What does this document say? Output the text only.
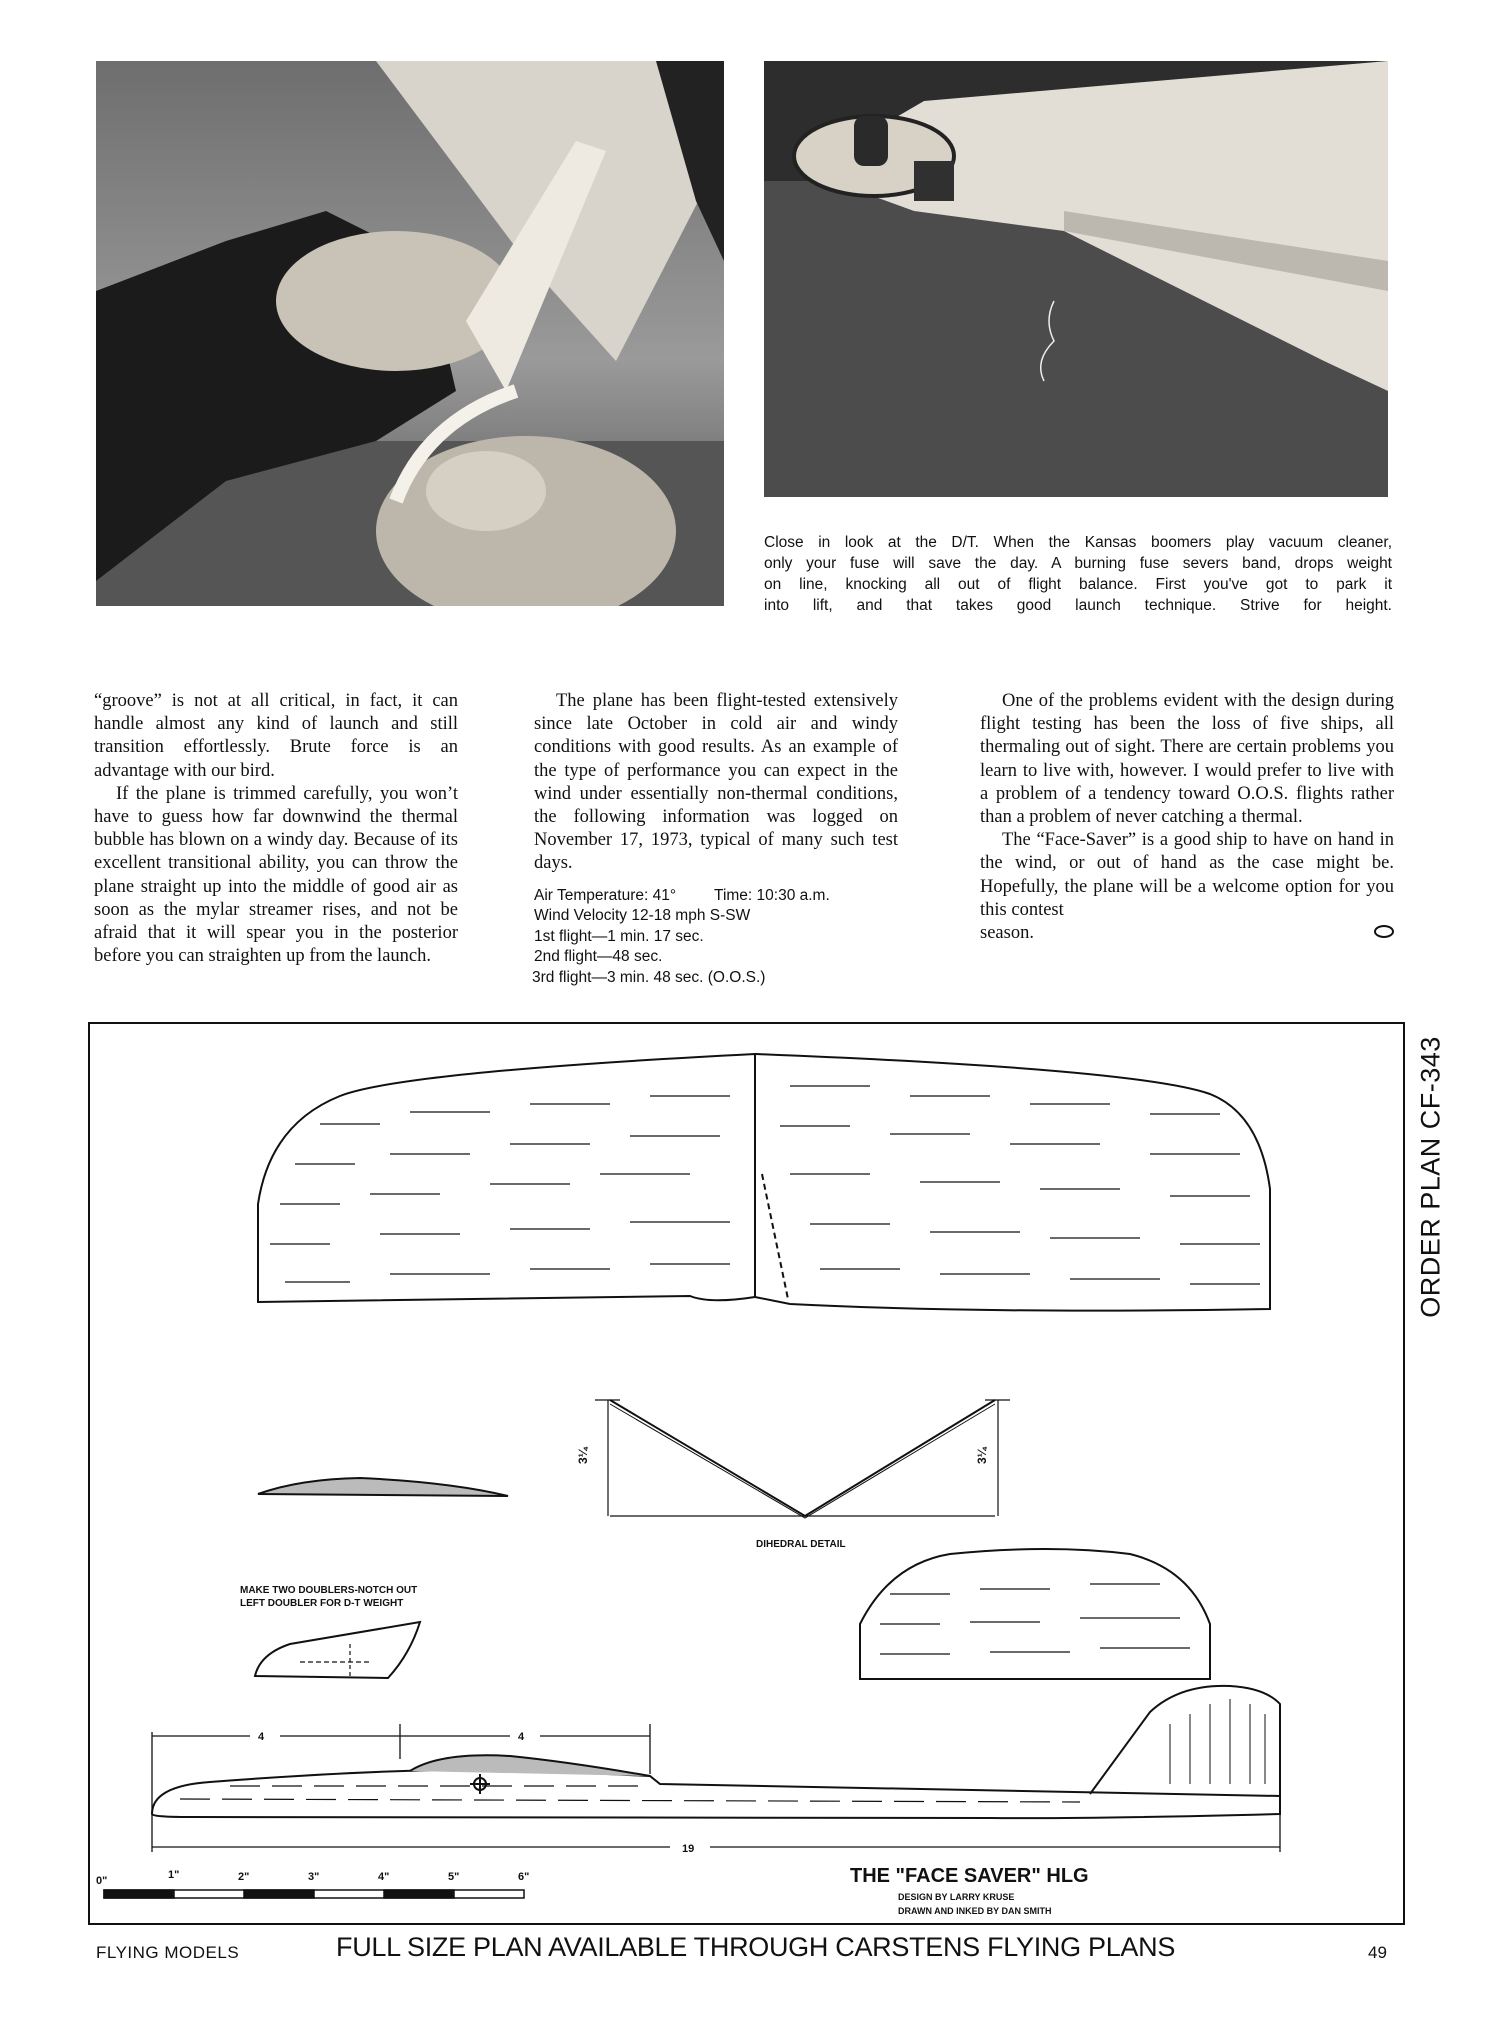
Close in look at the D/T. When the Kansas boomers play vacuum cleaner,
only your fuse will save the day. A burning fuse severs band, drops weight
on line, knocking all out of flight balance. First you've got to park it
into lift, and that takes good launch technique. Strive for height.

“groove” is not at all critical, in fact, it can handle almost any kind of launch and still transition effortlessly. Brute force is an advantage with our bird.

If the plane is trimmed carefully, you won’t have to guess how far downwind the thermal bubble has blown on a windy day. Because of its excellent transitional ability, you can throw the plane straight up into the middle of good air as soon as the mylar streamer rises, and not be afraid that it will spear you in the posterior before you can straighten up from the launch.

The plane has been flight-tested extensively since late October in cold air and windy conditions with good results. As an example of the type of performance you can expect in the wind under essentially non-thermal conditions, the following information was logged on November 17, 1973, typical of many such test days.

Air Temperature: 41° Time: 10:30 a.m.
Wind Velocity 12-18 mph S-SW
1st flight—1 min. 17 sec.
2nd flight—48 sec.
3rd flight—3 min. 48 sec. (O.O.S.)

One of the problems evident with the design during flight testing has been the loss of five ships, all thermaling out of sight. There are certain problems you learn to live with, however. I would prefer to live with a problem of a tendency toward O.O.S. flights rather than a problem of never catching a thermal.

The “Face-Saver” is a good ship to have on hand in the wind, or out of hand as the case might be. Hopefully, the plane will be a welcome option for you this contest

season.
3¼	3¼
DIHEDRAL DETAIL
MAKE TWO DOUBLERS-NOTCH OUT
LEFT DOUBLER FOR D-T WEIGHT
4	4
19
0"	1"	2"	3"	4"	5"	6"	THE "FACE SAVER" HLG
DESIGN BY LARRY KRUSE
DRAWN AND INKED BY DAN SMITH
ORDER PLAN CF-343
FLYING MODELS	FULL SIZE PLAN AVAILABLE THROUGH CARSTENS FLYING PLANS	49
